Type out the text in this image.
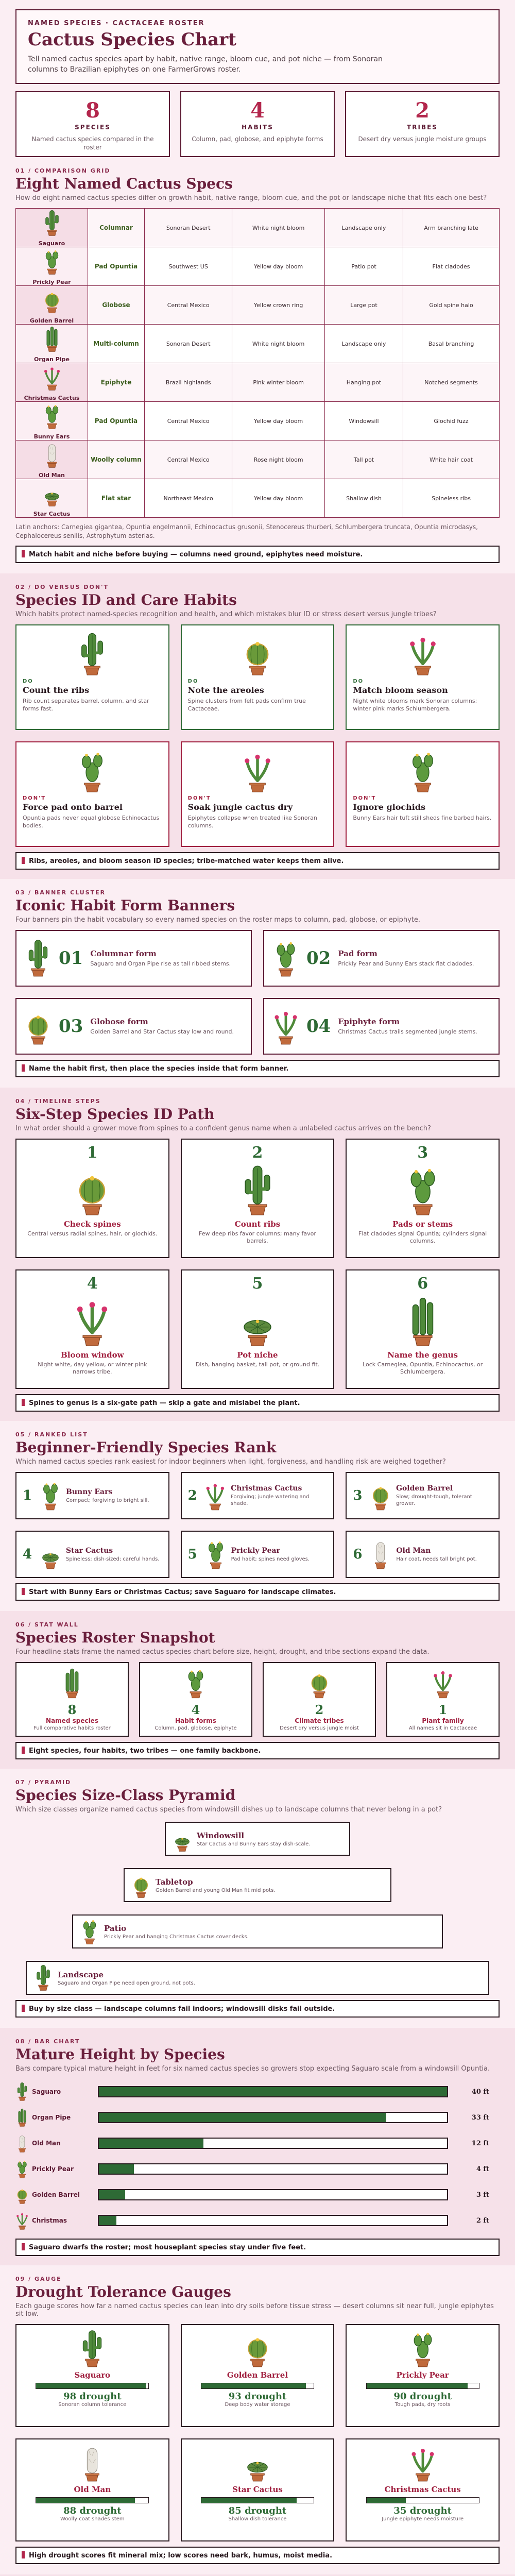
NAMED SPECIES · CACTACEAE ROSTER
Cactus Species Chart

Tell named cactus species apart by habit, native range, bloom cue, and pot niche — from Sonoran columns to Brazilian epiphytes on one FarmerGrows roster.

8
SPECIES
Named cactus species compared in the roster
4
HABITS
Column, pad, globose, and epiphyte forms
2
TRIBES
Desert dry versus jungle moisture groups
01 / COMPARISON GRID
Eight Named Cactus Specs
How do eight named cactus species differ on growth habit, native range, bloom cue, and the pot or landscape niche that fits each one best?
Saguaro	Columnar	Sonoran Desert	White night bloom	Landscape only	Arm branching late

Prickly Pear	Pad Opuntia	Southwest US	Yellow day bloom	Patio pot	Flat cladodes

Golden Barrel	Globose	Central Mexico	Yellow crown ring	Large pot	Gold spine halo

Organ Pipe	Multi-column	Sonoran Desert	White night bloom	Landscape only	Basal branching

Christmas Cactus	Epiphyte	Brazil highlands	Pink winter bloom	Hanging pot	Notched segments

Bunny Ears	Pad Opuntia	Central Mexico	Yellow day bloom	Windowsill	Glochid fuzz

Old Man	Woolly column	Central Mexico	Rose night bloom	Tall pot	White hair coat

Star Cactus	Flat star	Northeast Mexico	Yellow day bloom	Shallow dish	Spineless ribs
Latin anchors: Carnegiea gigantea, Opuntia engelmannii, Echinocactus grusonii, Stenocereus thurberi, Schlumbergera truncata, Opuntia microdasys, Cephalocereus senilis, Astrophytum asterias.
Match habit and niche before buying — columns need ground, epiphytes need moisture.
02 / DO VERSUS DON'T
Species ID and Care Habits
Which habits protect named-species recognition and health, and which mistakes blur ID or stress desert versus jungle tribes?
DO
Count the ribs

Rib count separates barrel, column, and star forms fast.

DO
Note the areoles

Spine clusters from felt pads confirm true Cactaceae.

DO
Match bloom season

Night white blooms mark Sonoran columns; winter pink marks Schlumbergera.

DON'T
Force pad onto barrel

Opuntia pads never equal globose Echinocactus bodies.

DON'T
Soak jungle cactus dry

Epiphytes collapse when treated like Sonoran columns.

DON'T
Ignore glochids

Bunny Ears hair tuft still sheds fine barbed hairs.

Ribs, areoles, and bloom season ID species; tribe-matched water keeps them alive.
03 / BANNER CLUSTER
Iconic Habit Form Banners
Four banners pin the habit vocabulary so every named species on the roster maps to column, pad, globose, or epiphyte.
01 Columnar form

Saguaro and Organ Pipe rise as tall ribbed stems.	02 Pad form

Prickly Pear and Bunny Ears stack flat cladodes.

03 Globose form

Golden Barrel and Star Cactus stay low and round.	04 Epiphyte form

Christmas Cactus trails segmented jungle stems.

Name the habit first, then place the species inside that form banner.
04 / TIMELINE STEPS
Six-Step Species ID Path
In what order should a grower move from spines to a confident genus name when a unlabeled cactus arrives on the bench?
1
Check spines

Central versus radial spines, hair, or glochids.

2
Count ribs

Few deep ribs favor columns; many favor barrels.

3
Pads or stems

Flat cladodes signal Opuntia; cylinders signal columns.

4
Bloom window

Night white, day yellow, or winter pink narrows tribe.

5
Pot niche

Dish, hanging basket, tall pot, or ground fit.

6
Name the genus

Lock Carnegiea, Opuntia, Echinocactus, or Schlumbergera.

Spines to genus is a six-gate path — skip a gate and mislabel the plant.
05 / RANKED LIST
Beginner-Friendly Species Rank
Which named cactus species rank easiest for indoor beginners when light, forgiveness, and handling risk are weighed together?
1	Bunny Ears

Compact; forgiving to bright sill.	2	Christmas Cactus

Forgiving; jungle watering and shade.

3	Golden Barrel

Slow; drought-tough, tolerant grower.

4	Star Cactus

Spineless; dish-sized; careful hands. 5	Prickly Pear

Pad habit; spines need gloves.	6	Old Man

Hair coat, needs tall bright pot.

Start with Bunny Ears or Christmas Cactus; save Saguaro for landscape climates.
06 / STAT WALL
Species Roster Snapshot
Four headline stats frame the named cactus species chart before size, height, drought, and tribe sections expand the data.
8
Named species

Full comparative habits roster

4
Habit forms

Column, pad, globose, epiphyte

2
Climate tribes

Desert dry versus jungle moist

1
Plant family

All names sit in Cactaceae

Eight species, four habits, two tribes — one family backbone.
07 / PYRAMID
Species Size-Class Pyramid
Which size classes organize named cactus species from windowsill dishes up to landscape columns that never belong in a pot?
Windowsill

Star Cactus and Bunny Ears stay dish-scale.

Tabletop

Golden Barrel and young Old Man fit mid pots.

Patio

Prickly Pear and hanging Christmas Cactus cover decks.

Landscape

Saguaro and Organ Pipe need open ground, not pots.

Buy by size class — landscape columns fail indoors; windowsill disks fail outside.
08 / BAR CHART
Mature Height by Species
Bars compare typical mature height in feet for six named cactus species so growers stop expecting Saguaro scale from a windowsill Opuntia.
Saguaro	40 ft
Organ Pipe	33 ft
Old Man	12 ft
Prickly Pear	4 ft
Golden Barrel	3 ft
Christmas	2 ft
Saguaro dwarfs the roster; most houseplant species stay under five feet.
09 / GAUGE
Drought Tolerance Gauges
Each gauge scores how far a named cactus species can lean into dry soils before tissue stress — desert columns sit near full, jungle epiphytes sit low.
Saguaro
98 drought
Sonoran column tolerance
Golden Barrel
93 drought
Deep body water storage
Prickly Pear
90 drought
Tough pads, dry roots
Old Man
88 drought
Woolly coat shades stem
Star Cactus
85 drought
Shallow dish tolerance
Christmas Cactus
35 drought
Jungle epiphyte needs moisture
High drought scores fit mineral mix; low scores need bark, humus, moist media.
